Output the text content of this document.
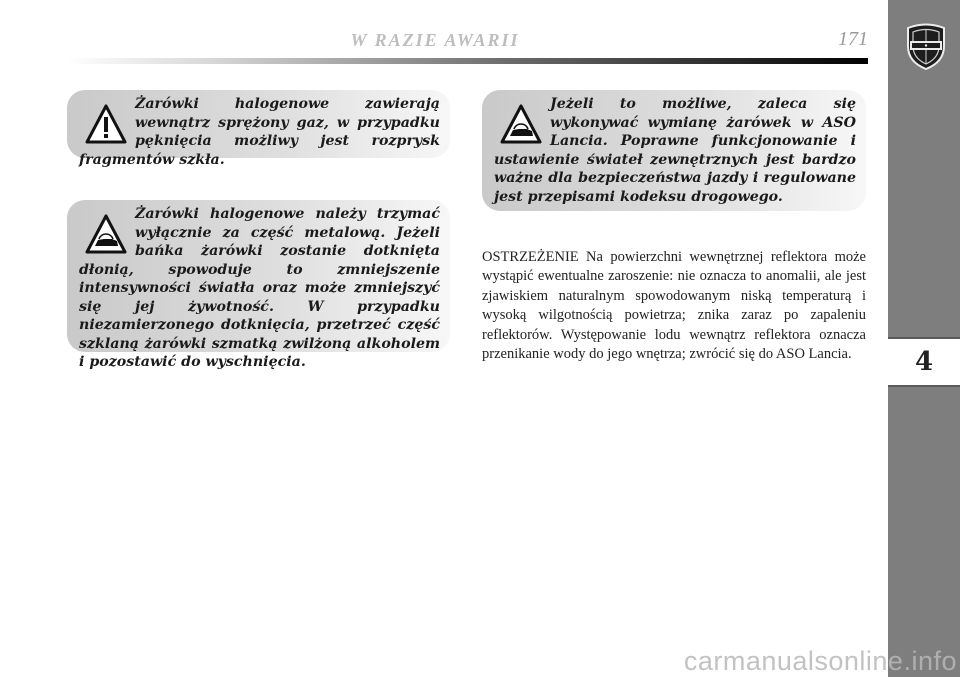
W RAZIE AWARII	171
4

Żarówki halogenowe zawierają wewnątrz sprężony gaz, w przypadku pęknięcia możliwy jest rozprysk fragmentów szkła.

Żarówki halogenowe należy trzymać wyłącznie za część metalową. Jeżeli bańka żarówki zostanie dotknięta dłonią, spowoduje to zmniejszenie intensywności światła oraz może zmniejszyć się jej żywotność. W przypadku niezamierzonego dotknięcia, przetrzeć część szklaną żarówki szmatką zwilżoną alkoholem i pozostawić do wyschnięcia.

Jeżeli to możliwe, zaleca się wykonywać wymianę żarówek w ASO Lancia. Poprawne funkcjonowanie i ustawienie świateł zewnętrznych jest bardzo ważne dla bezpieczeństwa jazdy i regulowane jest przepisami kodeksu drogowego.

OSTRZEŻENIE Na powierzchni wewnętrznej reflektora może wystąpić ewentualne zaroszenie: nie oznacza to anomalii, ale jest zjawiskiem naturalnym spowodowanym niską temperaturą i wysoką wilgotnością powietrza; znika zaraz po zapaleniu reflektorów. Występowanie lodu wewnątrz reflektora oznacza przenikanie wody do jego wnętrza; zwrócić się do ASO Lancia.

carmanualsonline.info
